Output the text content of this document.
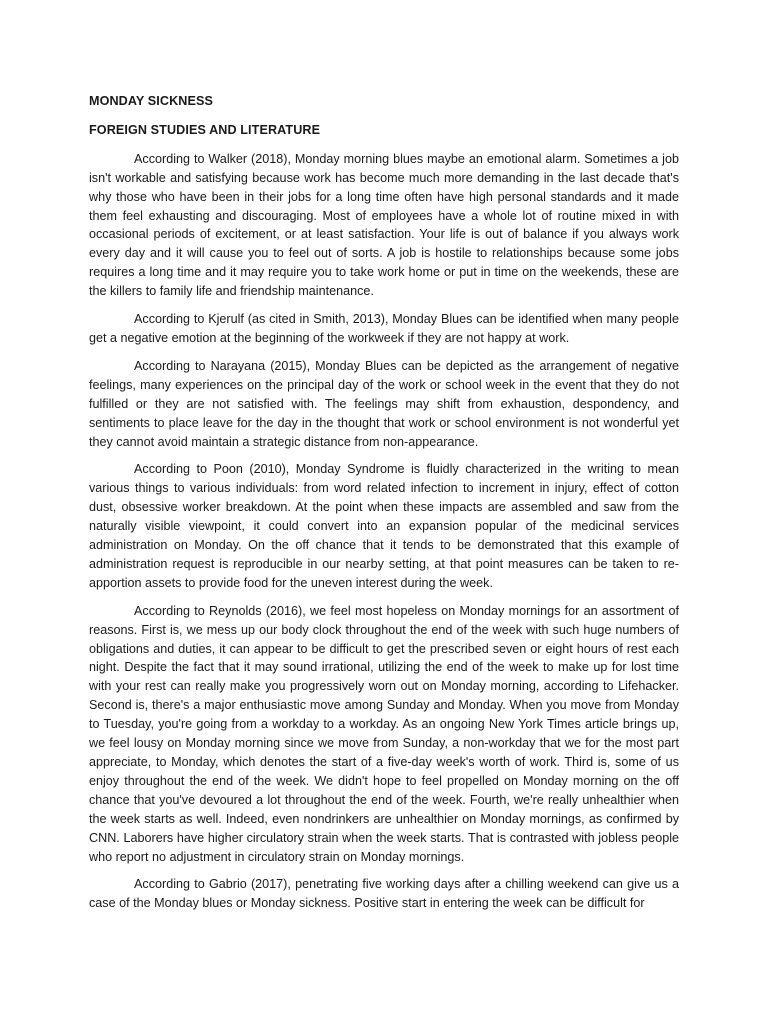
MONDAY SICKNESS
FOREIGN STUDIES AND LITERATURE

According to Walker (2018), Monday morning blues maybe an emotional alarm. Sometimes a job isn't workable and satisfying because work has become much more demanding in the last decade that's why those who have been in their jobs for a long time often have high personal standards and it made them feel exhausting and discouraging. Most of employees have a whole lot of routine mixed in with occasional periods of excitement, or at least satisfaction. Your life is out of balance if you always work every day and it will cause you to feel out of sorts. A job is hostile to relationships because some jobs requires a long time and it may require you to take work home or put in time on the weekends, these are the killers to family life and friendship maintenance.

According to Kjerulf (as cited in Smith, 2013), Monday Blues can be identified when many people get a negative emotion at the beginning of the workweek if they are not happy at work.

According to Narayana (2015), Monday Blues can be depicted as the arrangement of negative feelings, many experiences on the principal day of the work or school week in the event that they do not fulfilled or they are not satisfied with. The feelings may shift from exhaustion, despondency, and sentiments to place leave for the day in the thought that work or school environment is not wonderful yet they cannot avoid maintain a strategic distance from non-appearance.

According to Poon (2010), Monday Syndrome is fluidly characterized in the writing to mean various things to various individuals: from word related infection to increment in injury, effect of cotton dust, obsessive worker breakdown. At the point when these impacts are assembled and saw from the naturally visible viewpoint, it could convert into an expansion popular of the medicinal services administration on Monday. On the off chance that it tends to be demonstrated that this example of administration request is reproducible in our nearby setting, at that point measures can be taken to re-apportion assets to provide food for the uneven interest during the week.

According to Reynolds (2016), we feel most hopeless on Monday mornings for an assortment of reasons. First is, we mess up our body clock throughout the end of the week with such huge numbers of obligations and duties, it can appear to be difficult to get the prescribed seven or eight hours of rest each night. Despite the fact that it may sound irrational, utilizing the end of the week to make up for lost time with your rest can really make you progressively worn out on Monday morning, according to Lifehacker. Second is, there's a major enthusiastic move among Sunday and Monday. When you move from Monday to Tuesday, you're going from a workday to a workday. As an ongoing New York Times article brings up, we feel lousy on Monday morning since we move from Sunday, a non-workday that we for the most part appreciate, to Monday, which denotes the start of a five-day week's worth of work. Third is, some of us enjoy throughout the end of the week. We didn't hope to feel propelled on Monday morning on the off chance that you've devoured a lot throughout the end of the week. Fourth, we're really unhealthier when the week starts as well. Indeed, even nondrinkers are unhealthier on Monday mornings, as confirmed by CNN. Laborers have higher circulatory strain when the week starts. That is contrasted with jobless people who report no adjustment in circulatory strain on Monday mornings.

According to Gabrio (2017), penetrating five working days after a chilling weekend can give us a case of the Monday blues or Monday sickness. Positive start in entering the week can be difficult for
